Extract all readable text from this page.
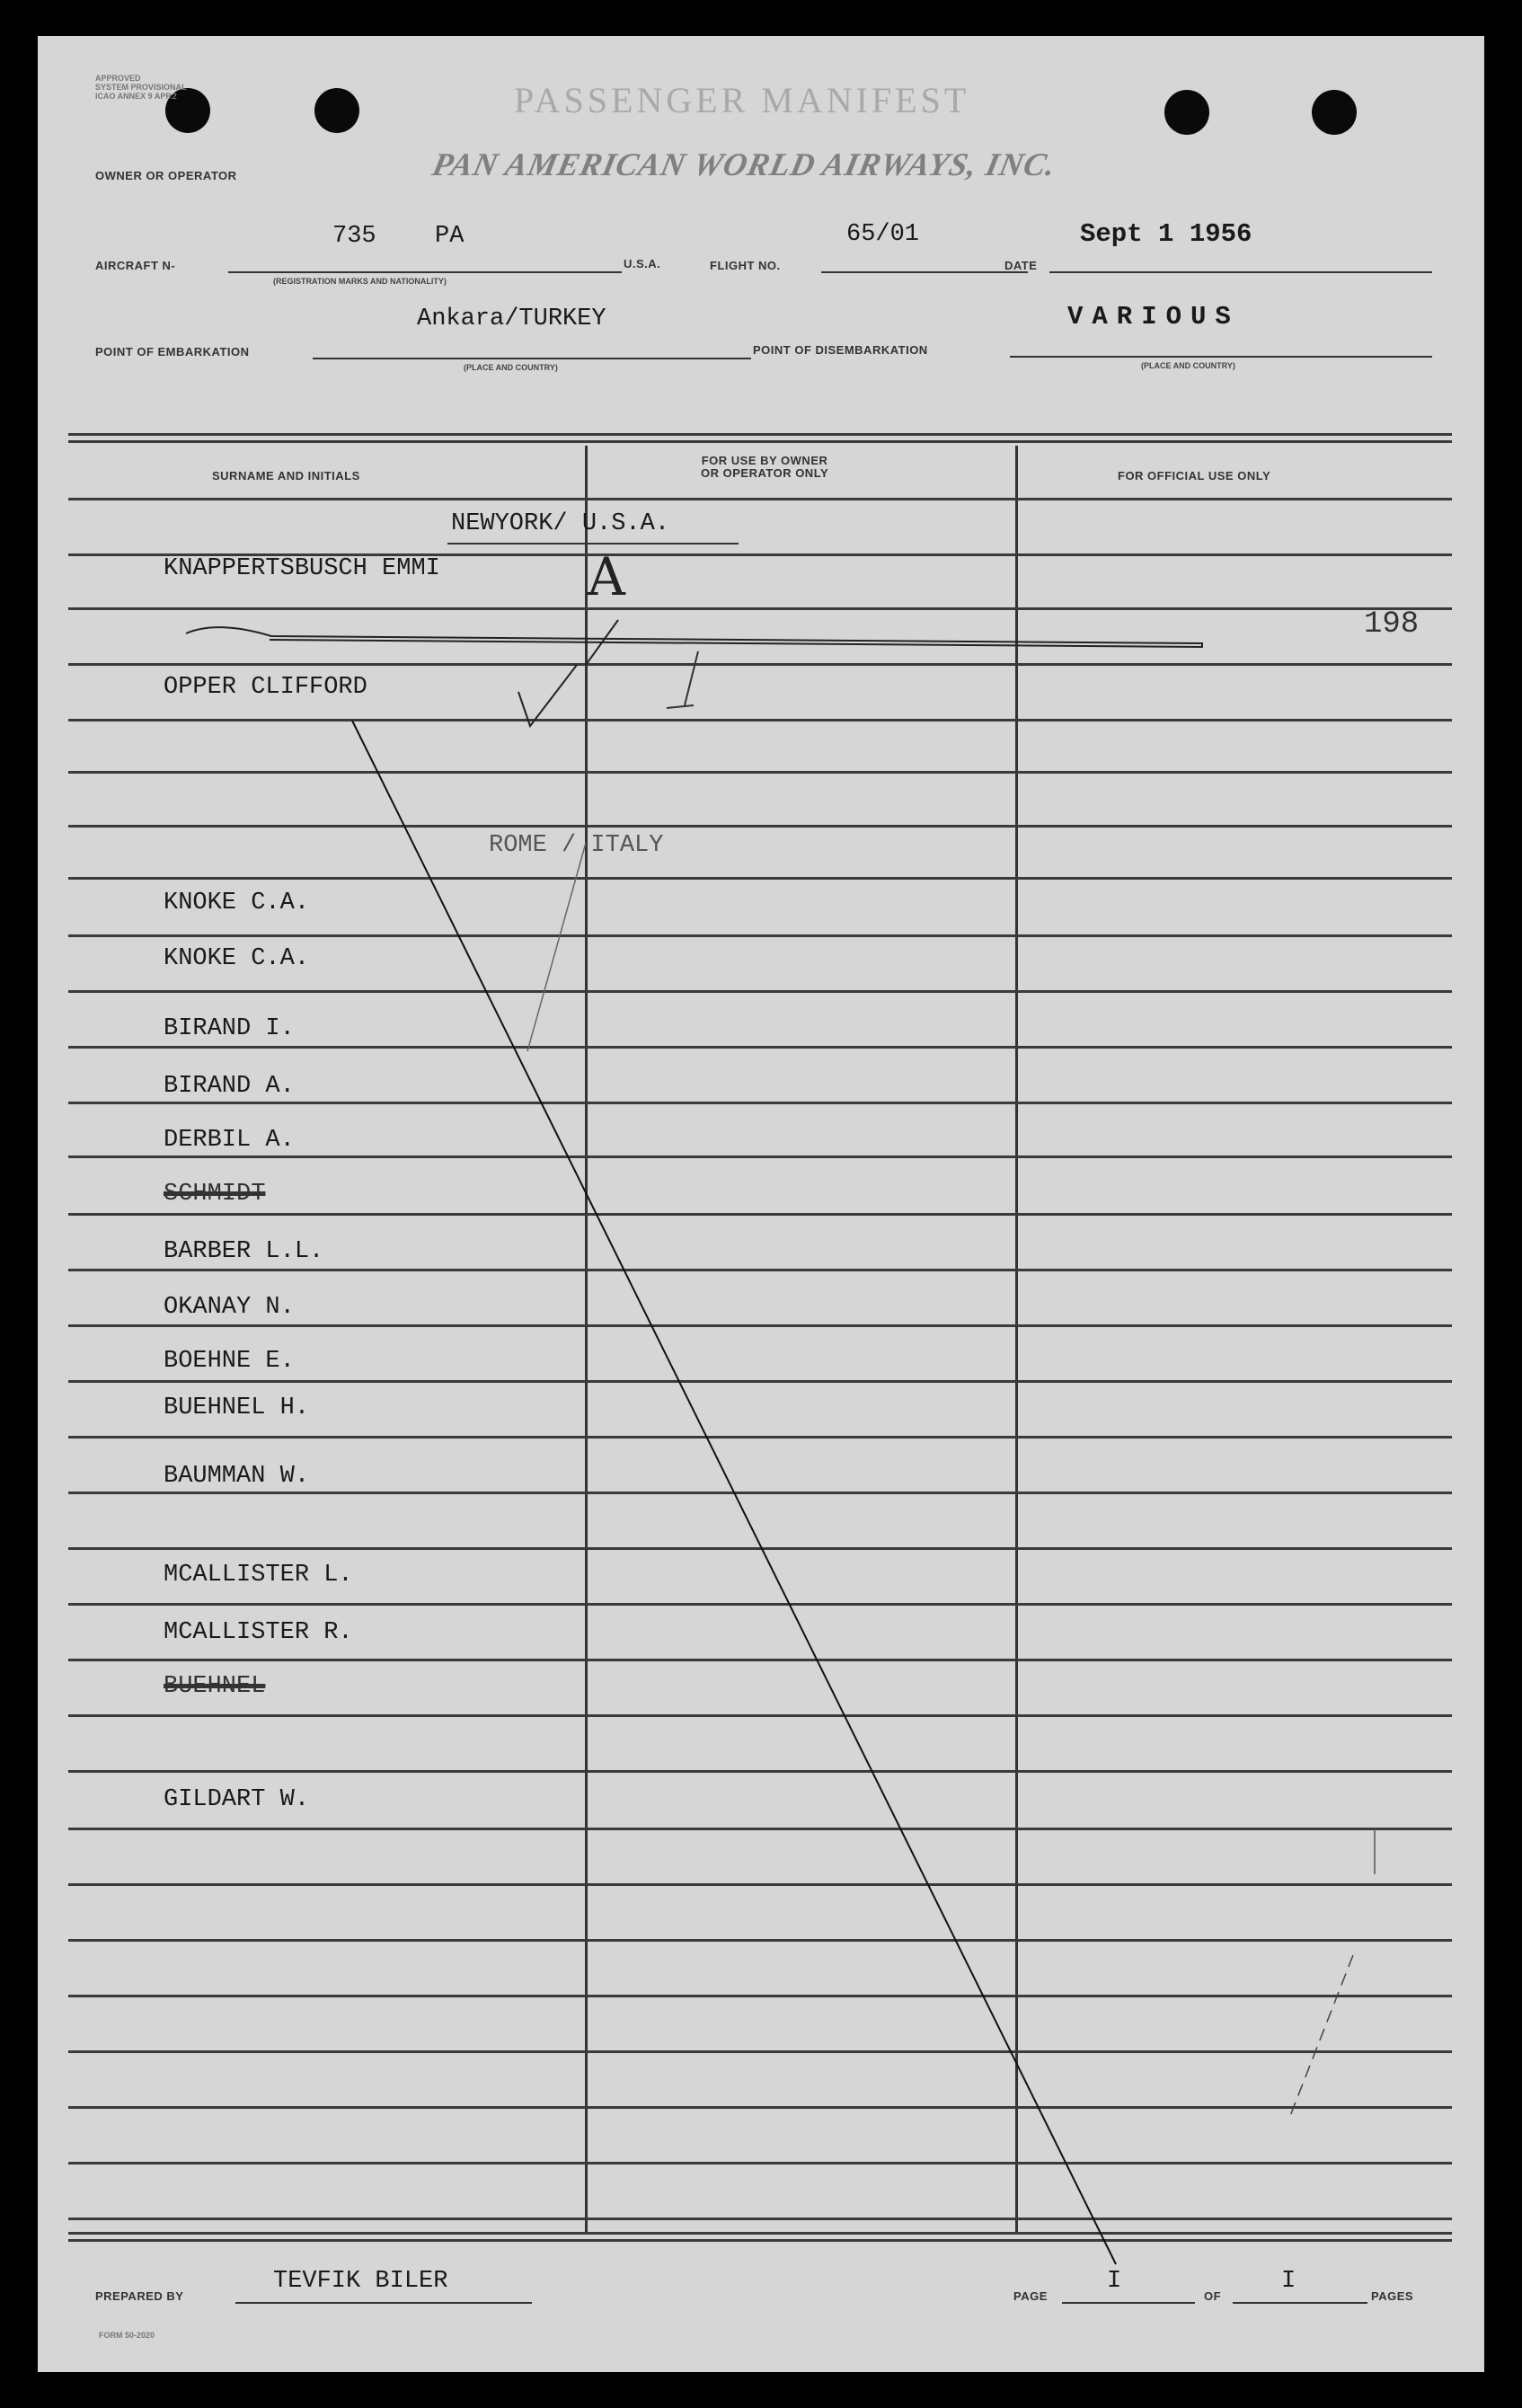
APPROVED
SYSTEM PROVISIONAL
ICAO ANNEX 9 APP.2	PASSENGER MANIFEST
OWNER OR OPERATOR	PAN AMERICAN WORLD AIRWAYS, INC.
AIRCRAFT N-
735 PA
(REGISTRATION MARKS AND NATIONALITY)
U.S.A.	FLIGHT NO.
65/01
DATE
Sept 1 1956
POINT OF EMBARKATION
Ankara/TURKEY
(PLACE AND COUNTRY)
POINT OF DISEMBARKATION
VARIOUS
(PLACE AND COUNTRY)
SURNAME AND INITIALS
FOR USE BY OWNER
OR OPERATOR ONLY	FOR OFFICIAL USE ONLY
NEWYORK/ U.S.A.
ROME / ITALY
KNAPPERTSBUSCH EMMI
OPPER CLIFFORD
KNOKE C.A.
KNOKE C.A.
BIRAND I.
BIRAND A.
DERBIL A.
SCHMIDT
BARBER L.L.
OKANAY N.
BOEHNE E.
BUEHNEL H.
BAUMMAN W.
MCALLISTER L.
MCALLISTER R.
BUEHNEL
GILDART W.
A
198
PREPARED BY
TEVFIK BILER
PAGE
I
OF
I
PAGES
FORM 50-2020
